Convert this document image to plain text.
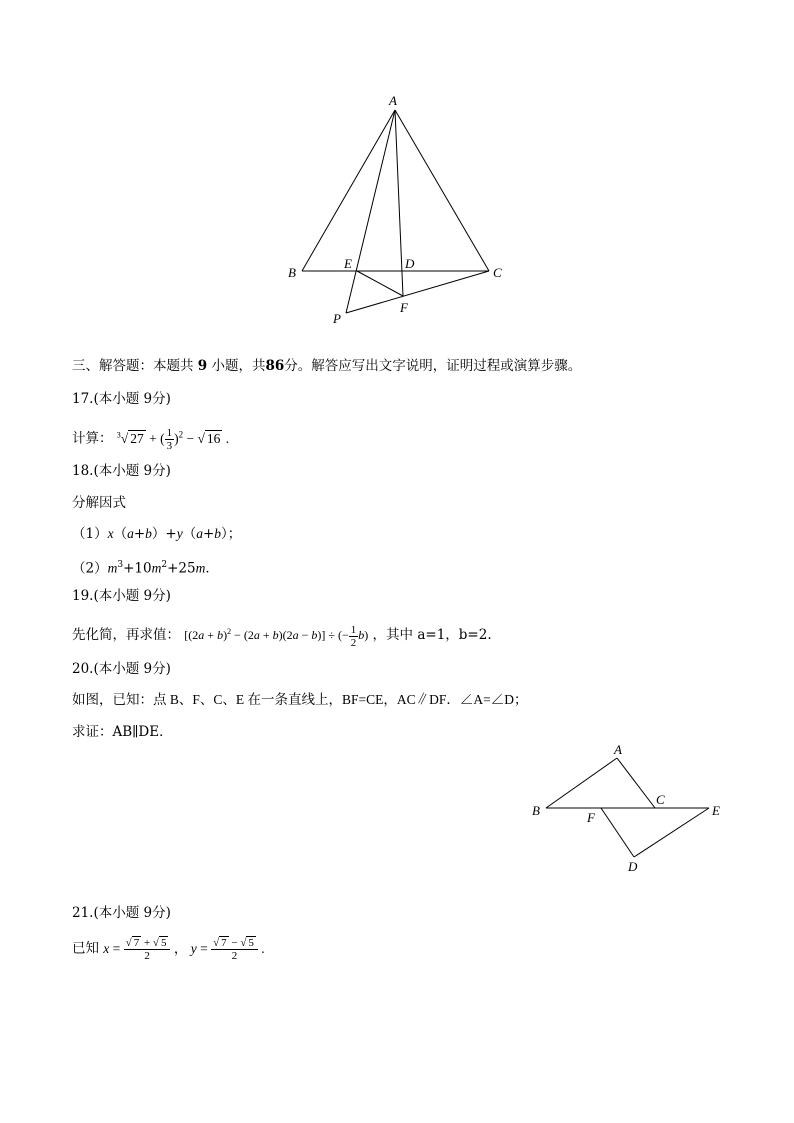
A
B
E	D
C
F
P
三、解答题：本题共 9 小题，共86分。解答应写出文字说明，证明过程或演算步骤。
17.(本小题 9分)
计算： $^3$√ 27 + ( $\frac{1}{3} )^2$ − √ 16 .
18.(本小题 9分)
分解因式
（1）x（a+b）+y（a+b）；
$(2)m^3+10m^2+25m$．
19.(本小题 9分)
先化简，再求值： $[(2a + b)^2 - (2a + b)(2a - b)]$ ÷ (− $\frac{1}{2} b$) ，其中 a=1，b=2.
20.(本小题 9分)
如图，已知：点 B、F、C、E 在一条直线上，BF=CE，AC∥DF．∠A=∠D；
求证：AB∥DE．
A
B
C
E
F
D
21.(本小题 9分)
已知 $x = \frac{√ 7 + √ 5}{2}$ ， $y = \frac{√ 7 - √ 5}{2}$ .
